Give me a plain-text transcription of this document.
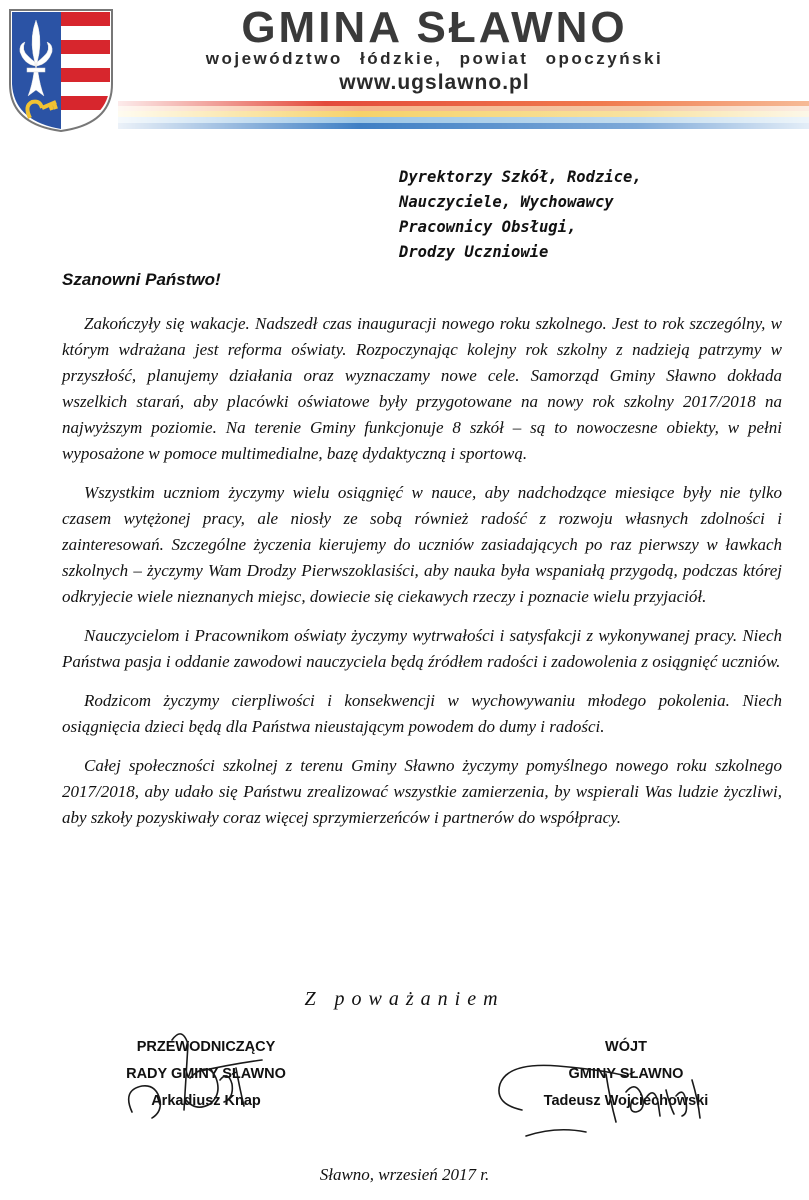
GMINA SŁAWNO
województwo łódzkie, powiat opoczyński
www.ugslawno.pl
Dyrektorzy Szkół, Rodzice,
Nauczyciele, Wychowawcy
Pracownicy Obsługi,
Drodzy Uczniowie
Szanowni Państwo!

Zakończyły się wakacje. Nadszedł czas inauguracji nowego roku szkolnego. Jest to rok szczególny, w którym wdrażana jest reforma oświaty. Rozpoczynając kolejny rok szkolny z nadzieją patrzymy w przyszłość, planujemy działania oraz wyznaczamy nowe cele. Samorząd Gminy Sławno dokłada wszelkich starań, aby placówki oświatowe były przygotowane na nowy rok szkolny 2017/2018 na najwyższym poziomie. Na terenie Gminy funkcjonuje 8 szkół – są to nowoczesne obiekty, w pełni wyposażone w pomoce multimedialne, bazę dydaktyczną i sportową.

Wszystkim uczniom życzymy wielu osiągnięć w nauce, aby nadchodzące miesiące były nie tylko czasem wytężonej pracy, ale niosły ze sobą również radość z rozwoju własnych zdolności i zainteresowań. Szczególne życzenia kierujemy do uczniów zasiadających po raz pierwszy w ławkach szkolnych – życzymy Wam Drodzy Pierwszoklasiści, aby nauka była wspaniałą przygodą, podczas której odkryjecie wiele nieznanych miejsc, dowiecie się ciekawych rzeczy i poznacie wielu przyjaciół.

Nauczycielom i Pracownikom oświaty życzymy wytrwałości i satysfakcji z wykonywanej pracy. Niech Państwa pasja i oddanie zawodowi nauczyciela będą źródłem radości i zadowolenia z osiągnięć uczniów.

Rodzicom życzymy cierpliwości i konsekwencji w wychowywaniu młodego pokolenia. Niech osiągnięcia dzieci będą dla Państwa nieustającym powodem do dumy i radości.

Całej społeczności szkolnej z terenu Gminy Sławno życzymy pomyślnego nowego roku szkolnego 2017/2018, aby udało się Państwu zrealizować wszystkie zamierzenia, by wspierali Was ludzie życzliwi, aby szkoły pozyskiwały coraz więcej sprzymierzeńców i partnerów do współpracy.

Z poważaniem
PRZEWODNICZĄCY
RADY GMINY SŁAWNO
Arkadiusz Knap
WÓJT
GMINY SŁAWNO
Tadeusz Wojciechowski
Sławno, wrzesień 2017 r.
